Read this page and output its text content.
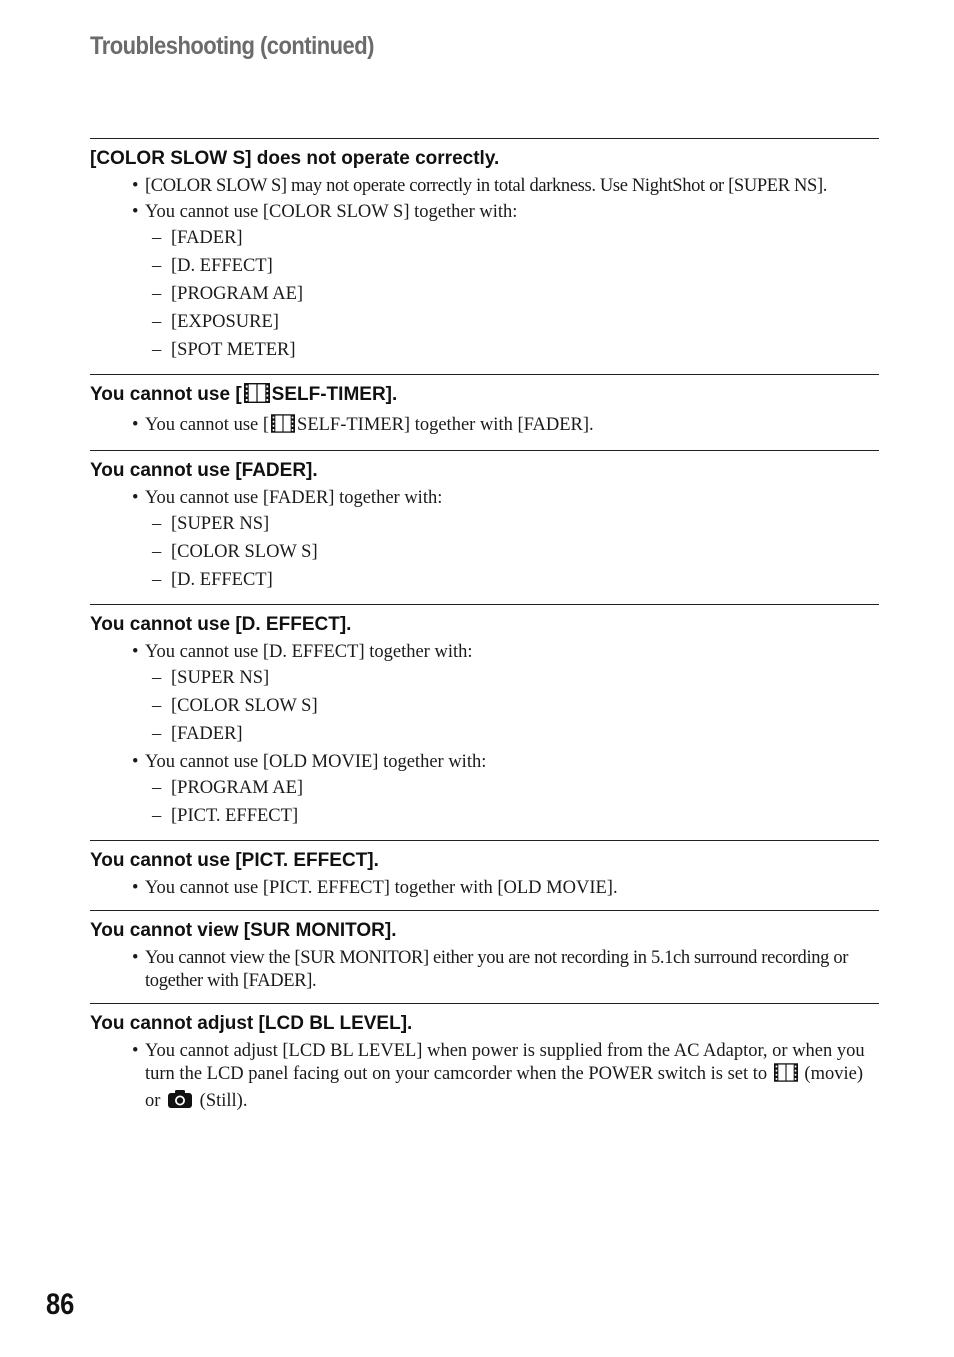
Troubleshooting (continued)
[COLOR SLOW S] does not operate correctly.
• [COLOR SLOW S] may not operate correctly in total darkness. Use NightShot or [SUPER NS].
• You cannot use [COLOR SLOW S] together with:
– [FADER]
– [D. EFFECT]
– [PROGRAM AE]
– [EXPOSURE]
– [SPOT METER]
You cannot use [ SELF-TIMER].
• You cannot use [ SELF-TIMER] together with [FADER].
You cannot use [FADER].
• You cannot use [FADER] together with:
– [SUPER NS]
– [COLOR SLOW S]
– [D. EFFECT]
You cannot use [D. EFFECT].
• You cannot use [D. EFFECT] together with:
– [SUPER NS]
– [COLOR SLOW S]
– [FADER]
• You cannot use [OLD MOVIE] together with:
– [PROGRAM AE]
– [PICT. EFFECT]
You cannot use [PICT. EFFECT].
• You cannot use [PICT. EFFECT] together with [OLD MOVIE].
You cannot view [SUR MONITOR].
• You cannot view the [SUR MONITOR] either you are not recording in 5.1ch surround recording or together with [FADER].
You cannot adjust [LCD BL LEVEL].
• You cannot adjust [LCD BL LEVEL] when power is supplied from the AC Adaptor, or when you turn the LCD panel facing out on your camcorder when the POWER switch is set to (movie) or (Still).
86
